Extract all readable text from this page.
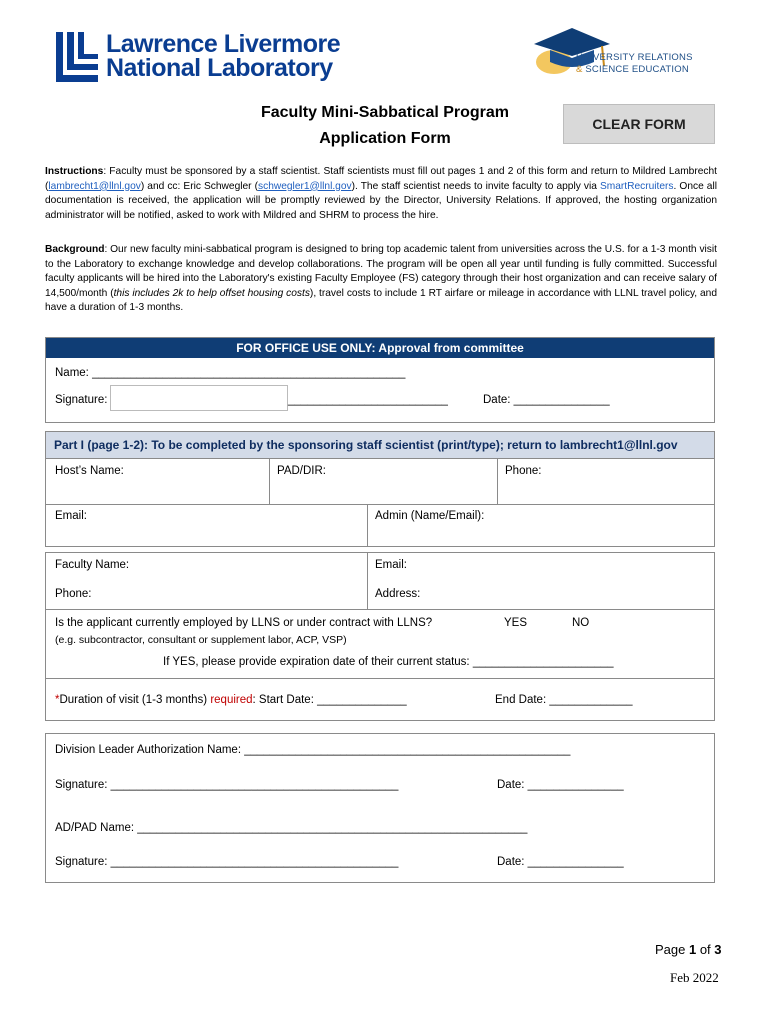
Lawrence Livermore
National Laboratory	UNIVERSITY RELATIONS
& SCIENCE EDUCATION
Faculty Mini-Sabbatical Program
Application Form
CLEAR FORM
Instructions: Faculty must be sponsored by a staff scientist. Staff scientists must fill out pages 1 and 2 of this form and return to Mildred Lambrecht (lambrecht1@llnl.gov) and cc: Eric Schwegler (schwegler1@llnl.gov). The staff scientist needs to invite faculty to apply via SmartRecruiters. Once all documentation is received, the application will be promptly reviewed by the Director, University Relations. If approved, the hosting organization administrator will be notified, asked to work with Mildred and SHRM to process the hire.
Background: Our new faculty mini-sabbatical program is designed to bring top academic talent from universities across the U.S. for a 1-3 month visit to the Laboratory to exchange knowledge and develop collaborations. The program will be open all year until funding is fully committed. Successful faculty applicants will be hired into the Laboratory's existing Faculty Employee (FS) category through their host organization and can receive salary of 14,500/month (this includes 2k to help offset housing costs), travel costs to include 1 RT airfare or mileage in accordance with LLNL travel policy, and have a duration of 1-3 months.
FOR OFFICE USE ONLY: Approval from committee
Name: _________________________________________________
Signature:	_________________________	Date: _______________
Part I (page 1-2): To be completed by the sponsoring staff scientist (print/type); return to lambrecht1@llnl.gov
Host’s Name:	PAD/DIR:	Phone:
Email:	Admin (Name/Email):
Faculty Name:	Email:
Phone:	Address:
Is the applicant currently employed by LLNS or under contract with LLNS?	YES	NO
(e.g. subcontractor, consultant or supplement labor, ACP, VSP)
If YES, please provide expiration date of their current status: ______________________
*Duration of visit (1-3 months) required: Start Date: ______________	End Date: _____________
Division Leader Authorization Name: ___________________________________________________
Signature: _____________________________________________	Date: _______________
AD/PAD Name: _____________________________________________________________
Signature: _____________________________________________	Date: _______________
Page 1 of 3
Feb 2022
